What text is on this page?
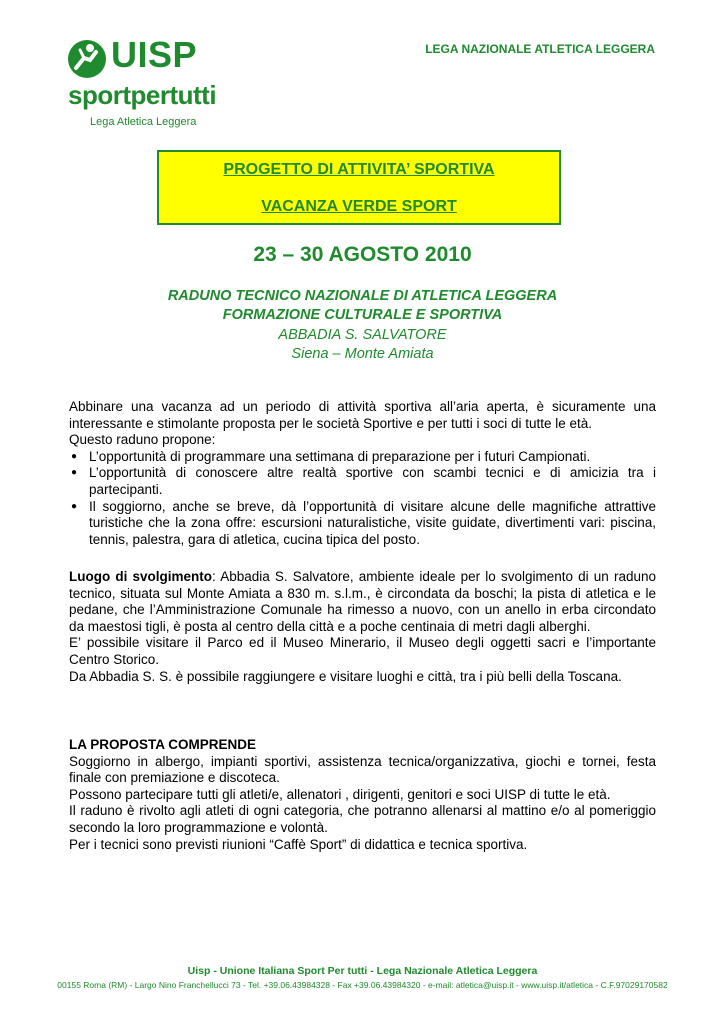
UISP
sportpertutti
Lega Atletica Leggera
LEGA NAZIONALE ATLETICA LEGGERA
PROGETTO DI ATTIVITA’ SPORTIVA
VACANZA VERDE SPORT
23 – 30 AGOSTO 2010
RADUNO TECNICO NAZIONALE DI ATLETICA LEGGERA
FORMAZIONE CULTURALE E SPORTIVA
ABBADIA S. SALVATORE
Siena – Monte Amiata

Abbinare una vacanza ad un periodo di attività sportiva all’aria aperta, è sicuramente una interessante e stimolante proposta per le società Sportive e per tutti i soci di tutte le età.

Questo raduno propone:

● L’opportunità di programmare una settimana di preparazione per i futuri Campionati.
● L’opportunità di conoscere altre realtà sportive con scambi tecnici e di amicizia tra i partecipanti.
● Il soggiorno, anche se breve, dà l’opportunità di visitare alcune delle magnifiche attrattive turistiche che la zona offre: escursioni naturalistiche, visite guidate, divertimenti vari: piscina, tennis, palestra, gara di atletica, cucina tipica del posto.

Luogo di svolgimento: Abbadia S. Salvatore, ambiente ideale per lo svolgimento di un raduno tecnico, situata sul Monte Amiata a 830 m. s.l.m., è circondata da boschi; la pista di atletica e le pedane, che l’Amministrazione Comunale ha rimesso a nuovo, con un anello in erba circondato da maestosi tigli, è posta al centro della città e a poche centinaia di metri dagli alberghi.

E’ possibile visitare il Parco ed il Museo Minerario, il Museo degli oggetti sacri e l’importante Centro Storico.

Da Abbadia S. S. è possibile raggiungere e visitare luoghi e città, tra i più belli della Toscana.

LA PROPOSTA COMPRENDE

Soggiorno in albergo, impianti sportivi, assistenza tecnica/organizzativa, giochi e tornei, festa finale con premiazione e discoteca.

Possono partecipare tutti gli atleti/e, allenatori , dirigenti, genitori e soci UISP di tutte le età.

Il raduno è rivolto agli atleti di ogni categoria, che potranno allenarsi al mattino e/o al pomeriggio secondo la loro programmazione e volontà.

Per i tecnici sono previsti riunioni “Caffè Sport” di didattica e tecnica sportiva.

Uisp - Unione Italiana Sport Per tutti - Lega Nazionale Atletica Leggera
00155 Roma (RM) - Largo Nino Franchellucci 73 - Tel. +39.06.43984328 - Fax +39.06.43984320 - e-mail: atletica@uisp.it - www.uisp.it/atletica - C.F.97029170582
